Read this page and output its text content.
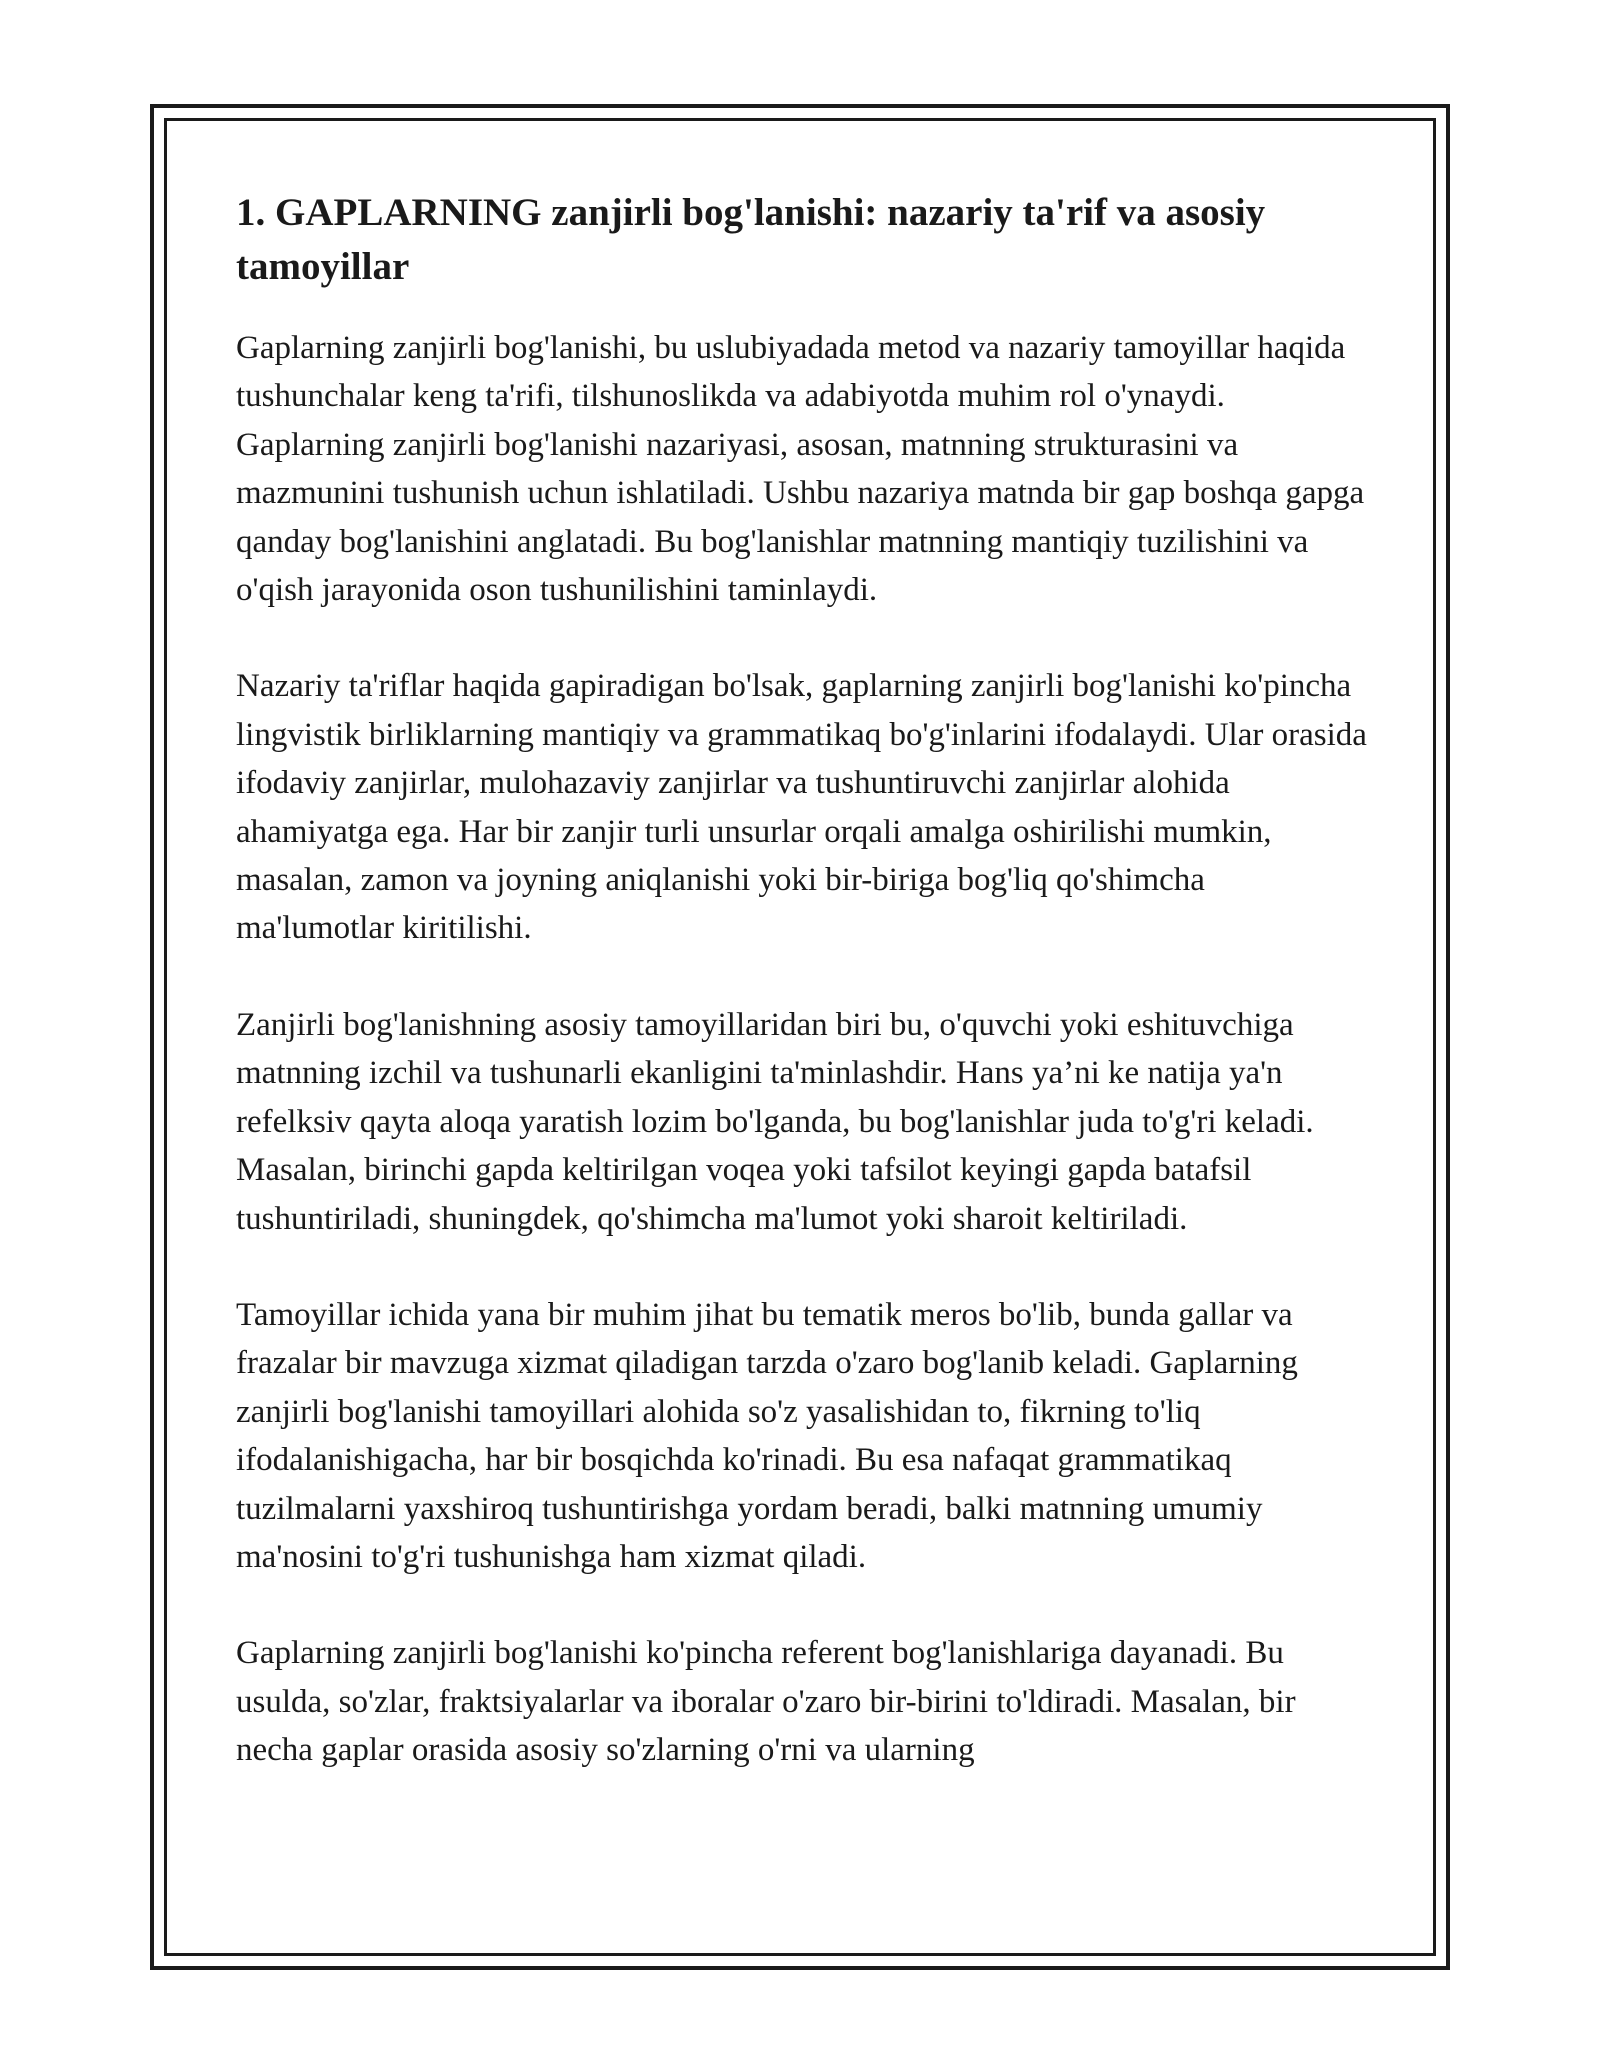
1. GAPLARNING zanjirli bog'lanishi: nazariy ta'rif va asosiy tamoyillar

Gaplarning zanjirli bog'lanishi, bu uslubiyadada metod va nazariy tamoyillar haqida tushunchalar keng ta'rifi, tilshunoslikda va adabiyotda muhim rol o'ynaydi. Gaplarning zanjirli bog'lanishi nazariyasi, asosan, matnning strukturasini va mazmunini tushunish uchun ishlatiladi. Ushbu nazariya matnda bir gap boshqa gapga qanday bog'lanishini anglatadi. Bu bog'lanishlar matnning mantiqiy tuzilishini va o'qish jarayonida oson tushunilishini taminlaydi.

Nazariy ta'riflar haqida gapiradigan bo'lsak, gaplarning zanjirli bog'lanishi ko'pincha lingvistik birliklarning mantiqiy va grammatikaq bo'g'inlarini ifodalaydi. Ular orasida ifodaviy zanjirlar, mulohazaviy zanjirlar va tushuntiruvchi zanjirlar alohida ahamiyatga ega. Har bir zanjir turli unsurlar orqali amalga oshirilishi mumkin, masalan, zamon va joyning aniqlanishi yoki bir-biriga bog'liq qo'shimcha ma'lumotlar kiritilishi.

Zanjirli bog'lanishning asosiy tamoyillaridan biri bu, o'quvchi yoki eshituvchiga matnning izchil va tushunarli ekanligini ta'minlashdir. Hans ya’ni ke natija ya'n refelksiv qayta aloqa yaratish lozim bo'lganda, bu bog'lanishlar juda to'g'ri keladi. Masalan, birinchi gapda keltirilgan voqea yoki tafsilot keyingi gapda batafsil tushuntiriladi, shuningdek, qo'shimcha ma'lumot yoki sharoit keltiriladi.

Tamoyillar ichida yana bir muhim jihat bu tematik meros bo'lib, bunda gallar va frazalar bir mavzuga xizmat qiladigan tarzda o'zaro bog'lanib keladi. Gaplarning zanjirli bog'lanishi tamoyillari alohida so'z yasalishidan to, fikrning to'liq ifodalanishigacha, har bir bosqichda ko'rinadi. Bu esa nafaqat grammatikaq tuzilmalarni yaxshiroq tushuntirishga yordam beradi, balki matnning umumiy ma'nosini to'g'ri tushunishga ham xizmat qiladi.

Gaplarning zanjirli bog'lanishi ko'pincha referent bog'lanishlariga dayanadi. Bu usulda, so'zlar, fraktsiyalarlar va iboralar o'zaro bir-birini to'ldiradi. Masalan, bir necha gaplar orasida asosiy so'zlarning o'rni va ularning
